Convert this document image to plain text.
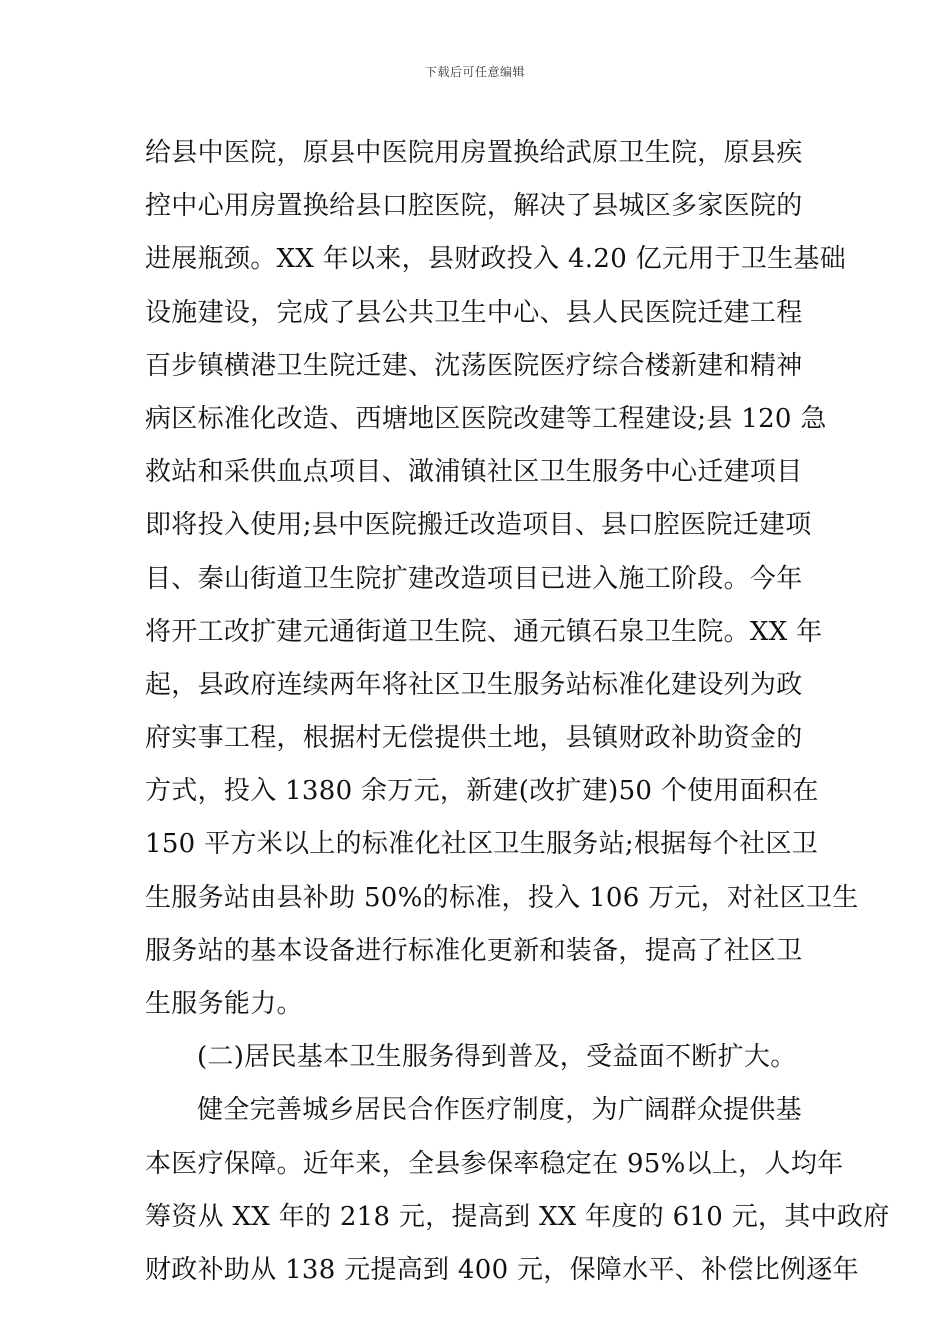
下载后可任意编辑
给县中医院，原县中医院用房置换给武原卫生院，原县疾
控中心用房置换给县口腔医院，解决了县城区多家医院的
进展瓶颈。XX 年以来，县财政投入 4.20 亿元用于卫生基础
设施建设，完成了县公共卫生中心、县人民医院迁建工程
百步镇横港卫生院迁建、沈荡医院医疗综合楼新建和精神
病区标准化改造、西塘地区医院改建等工程建设;县 120 急
救站和采供血点项目、澉浦镇社区卫生服务中心迁建项目
即将投入使用;县中医院搬迁改造项目、县口腔医院迁建项
目、秦山街道卫生院扩建改造项目已进入施工阶段。今年
将开工改扩建元通街道卫生院、通元镇石泉卫生院。XX 年
起，县政府连续两年将社区卫生服务站标准化建设列为政
府实事工程，根据村无偿提供土地，县镇财政补助资金的
方式，投入 1380 余万元，新建(改扩建)50 个使用面积在
150 平方米以上的标准化社区卫生服务站;根据每个社区卫
生服务站由县补助 50%的标准，投入 106 万元，对社区卫生
服务站的基本设备进行标准化更新和装备，提高了社区卫
生服务能力。
(二)居民基本卫生服务得到普及，受益面不断扩大。
健全完善城乡居民合作医疗制度，为广阔群众提供基
本医疗保障。近年来，全县参保率稳定在 95%以上，人均年
筹资从 XX 年的 218 元，提高到 XX 年度的 610 元，其中政府
财政补助从 138 元提高到 400 元，保障水平、补偿比例逐年
